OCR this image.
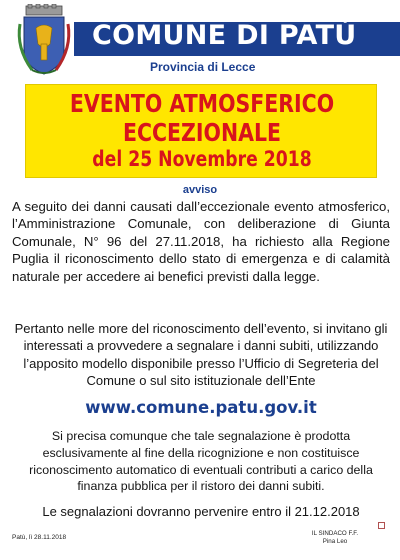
COMUNE DI PATÙ
Provincia di Lecce
EVENTO ATMOSFERICO
ECCEZIONALE
del 25 Novembre 2018
avviso
A seguito dei danni causati dall’eccezionale evento atmosferico, l’Amministrazione Comunale, con deliberazione di Giunta Comunale, N° 96 del 27.11.2018, ha richiesto alla Regione Puglia il riconoscimento dello stato di emergenza e di calamità naturale per accedere ai benefici previsti dalla legge.
Pertanto nelle more del riconoscimento dell’evento, si invitano gli interessati a provvedere a segnalare i danni subiti, utilizzando l’apposito modello disponibile presso l’Ufficio di Segreteria del Comune o sul sito istituzionale dell’Ente
www.comune.patu.gov.it
Si precisa comunque che tale segnalazione è prodotta esclusivamente al fine della ricognizione e non costituisce riconoscimento automatico di eventuali contributi a carico della finanza pubblica per il ristoro dei danni subiti.
Le segnalazioni dovranno pervenire entro il 21.12.2018
Patù, lì 28.11.2018
IL SINDACO F.F.
Pina Leo
